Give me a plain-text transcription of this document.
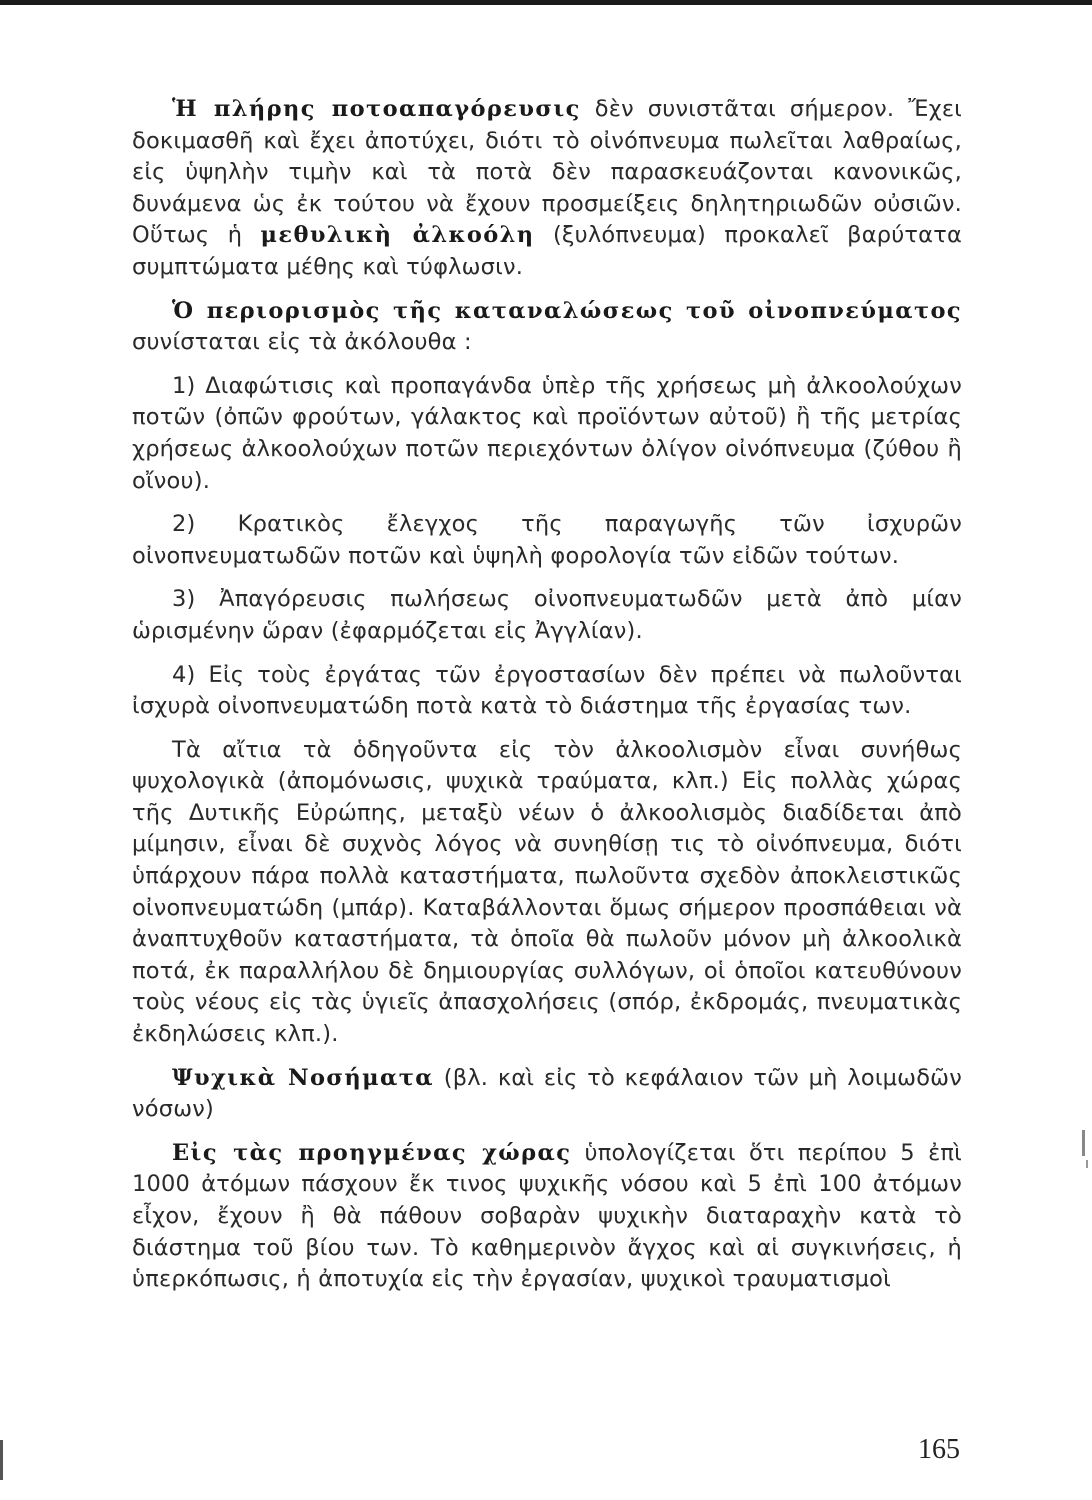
Ἡ πλήρης ποτοαπαγόρευσις δὲν συνιστᾶται σήμερον. Ἔχει δοκιμασθῆ καὶ ἔχει ἀποτύχει, διότι τὸ οἰνόπνευμα πωλεῖται λαθραίως, εἰς ὑψηλὴν τιμὴν καὶ τὰ ποτὰ δὲν παρασκευάζονται κανονικῶς, δυνάμενα ὡς ἐκ τούτου νὰ ἔχουν προσμείξεις δηλητηριωδῶν οὐσιῶν. Οὕτως ἡ μεθυλικὴ ἀλκοόλη (ξυλόπνευμα) προκαλεῖ βαρύτατα συμπτώματα μέθης καὶ τύφλωσιν.

Ὁ περιορισμὸς τῆς καταναλώσεως τοῦ οἰνοπνεύματος συνίσταται εἰς τὰ ἀκόλουθα :

1) Διαφώτισις καὶ προπαγάνδα ὑπὲρ τῆς χρήσεως μὴ ἀλκοολούχων ποτῶν (ὀπῶν φρούτων, γάλακτος καὶ προϊόντων αὐτοῦ) ἢ τῆς μετρίας χρήσεως ἀλκοολούχων ποτῶν περιεχόντων ὀλίγον οἰνόπνευμα (ζύθου ἢ οἴνου).

2) Κρατικὸς ἔλεγχος τῆς παραγωγῆς τῶν ἰσχυρῶν οἰνοπνευματωδῶν ποτῶν καὶ ὑψηλὴ φορολογία τῶν εἰδῶν τούτων.

3) Ἀπαγόρευσις πωλήσεως οἰνοπνευματωδῶν μετὰ ἀπὸ μίαν ὡρισμένην ὥραν (ἐφαρμόζεται εἰς Ἀγγλίαν).

4) Εἰς τοὺς ἐργάτας τῶν ἐργοστασίων δὲν πρέπει νὰ πωλοῦνται ἰσχυρὰ οἰνοπνευματώδη ποτὰ κατὰ τὸ διάστημα τῆς ἐργασίας των.

Τὰ αἴτια τὰ ὁδηγοῦντα εἰς τὸν ἀλκοολισμὸν εἶναι συνήθως ψυχολογικὰ (ἀπομόνωσις, ψυχικὰ τραύματα, κλπ.) Εἰς πολλὰς χώρας τῆς Δυτικῆς Εὐρώπης, μεταξὺ νέων ὁ ἀλκοολισμὸς διαδίδεται ἀπὸ μίμησιν, εἶναι δὲ συχνὸς λόγος νὰ συνηθίσῃ τις τὸ οἰνόπνευμα, διότι ὑπάρχουν πάρα πολλὰ καταστήματα, πωλοῦντα σχεδὸν ἀποκλειστικῶς οἰνοπνευματώδη (μπάρ). Καταβάλλονται ὅμως σήμερον προσπάθειαι νὰ ἀναπτυχθοῦν καταστήματα, τὰ ὁποῖα θὰ πωλοῦν μόνον μὴ ἀλκοολικὰ ποτά, ἐκ παραλλήλου δὲ δημιουργίας συλλόγων, οἱ ὁποῖοι κατευθύνουν τοὺς νέους εἰς τὰς ὑγιεῖς ἀπασχολήσεις (σπόρ, ἐκδρομάς, πνευματικὰς ἐκδηλώσεις κλπ.).

Ψυχικὰ Νοσήματα (βλ. καὶ εἰς τὸ κεφάλαιον τῶν μὴ λοιμωδῶν νόσων)

Εἰς τὰς προηγμένας χώρας ὑπολογίζεται ὅτι περίπου 5 ἐπὶ 1000 ἀτόμων πάσχουν ἔκ τινος ψυχικῆς νόσου καὶ 5 ἐπὶ 100 ἀτόμων εἶχον, ἔχουν ἢ θὰ πάθουν σοβαρὰν ψυχικὴν διαταραχὴν κατὰ τὸ διάστημα τοῦ βίου των. Τὸ καθημερινὸν ἄγχος καὶ αἱ συγκινήσεις, ἡ ὑπερκόπωσις, ἡ ἀποτυχία εἰς τὴν ἐργασίαν, ψυχικοὶ τραυματισμοὶ

165
